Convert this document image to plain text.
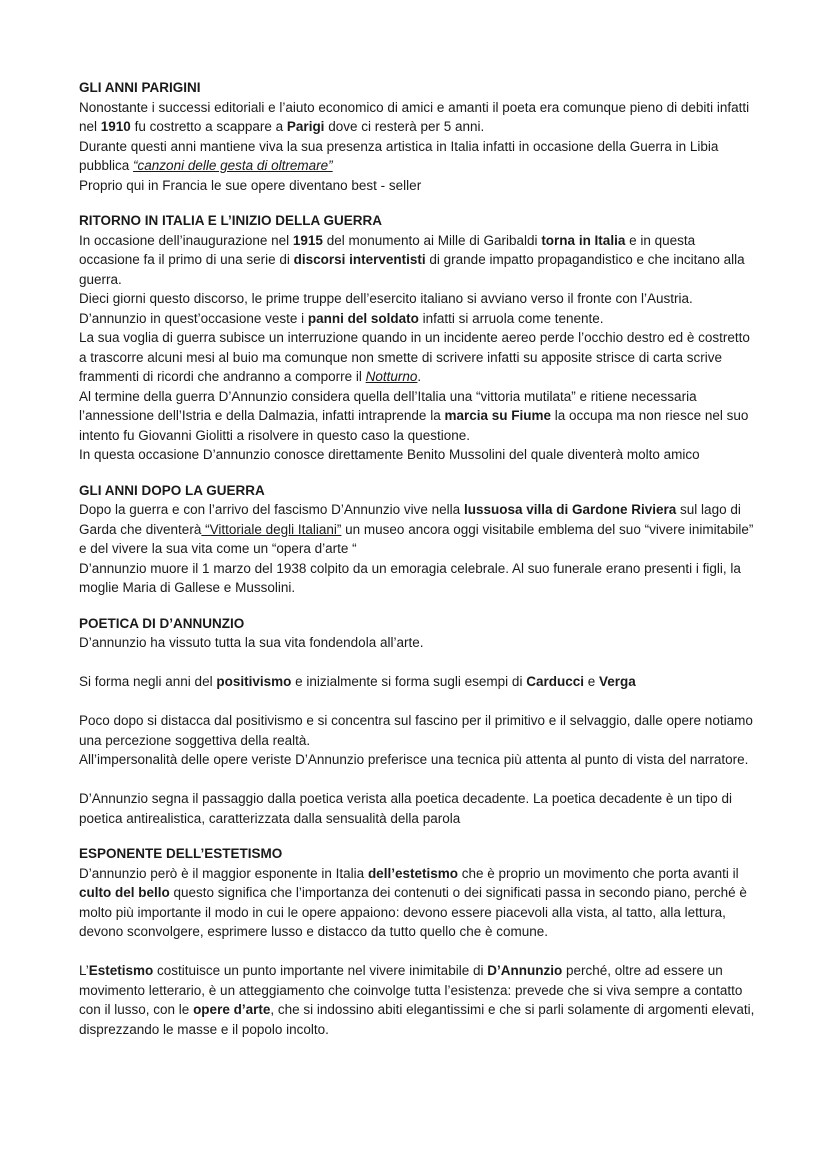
GLI ANNI PARIGINI

Nonostante i successi editoriali e l’aiuto economico di amici e amanti il poeta era comunque pieno di debiti infatti nel 1910 fu costretto a scappare a Parigi dove ci resterà per 5 anni.

Durante questi anni mantiene viva la sua presenza artistica in Italia infatti in occasione della Guerra in Libia pubblica “canzoni delle gesta di oltremare”

Proprio qui in Francia le sue opere diventano best - seller

RITORNO IN ITALIA E L’INIZIO DELLA GUERRA

In occasione dell’inaugurazione nel 1915 del monumento ai Mille di Garibaldi torna in Italia e in questa occasione fa il primo di una serie di discorsi interventisti di grande impatto propagandistico e che incitano alla guerra.

Dieci giorni questo discorso, le prime truppe dell’esercito italiano si avviano verso il fronte con l’Austria.

D’annunzio in quest’occasione veste i panni del soldato infatti si arruola come tenente.

La sua voglia di guerra subisce un interruzione quando in un incidente aereo perde l’occhio destro ed è costretto a trascorre alcuni mesi al buio ma comunque non smette di scrivere infatti su apposite strisce di carta scrive frammenti di ricordi che andranno a comporre il Notturno.

Al termine della guerra D’Annunzio considera quella dell’Italia una “vittoria mutilata” e ritiene necessaria l’annessione dell’Istria e della Dalmazia, infatti intraprende la marcia su Fiume la occupa ma non riesce nel suo intento fu Giovanni Giolitti a risolvere in questo caso la questione.

In questa occasione D’annunzio conosce direttamente Benito Mussolini del quale diventerà molto amico

GLI ANNI DOPO LA GUERRA

Dopo la guerra e con l’arrivo del fascismo D’Annunzio vive nella lussuosa villa di Gardone Riviera sul lago di Garda che diventerà “Vittoriale degli Italiani” un museo ancora oggi visitabile emblema del suo “vivere inimitabile” e del vivere la sua vita come un “opera d’arte “

D’annunzio muore il 1 marzo del 1938 colpito da un emoragia celebrale. Al suo funerale erano presenti i figli, la moglie Maria di Gallese e Mussolini.

POETICA DI D’ANNUNZIO

D’annunzio ha vissuto tutta la sua vita fondendola all’arte.

Si forma negli anni del positivismo e inizialmente si forma sugli esempi di Carducci e Verga

Poco dopo si distacca dal positivismo e si concentra sul fascino per il primitivo e il selvaggio, dalle opere notiamo una percezione soggettiva della realtà.

All’impersonalità delle opere veriste D’Annunzio preferisce una tecnica più attenta al punto di vista del narratore.

D’Annunzio segna il passaggio dalla poetica verista alla poetica decadente. La poetica decadente è un tipo di poetica antirealistica, caratterizzata dalla sensualità della parola

ESPONENTE DELL’ESTETISMO

D’annunzio però è il maggior esponente in Italia dell’estetismo che è proprio un movimento che porta avanti il culto del bello questo significa che l’importanza dei contenuti o dei significati passa in secondo piano, perché è molto più importante il modo in cui le opere appaiono: devono essere piacevoli alla vista, al tatto, alla lettura, devono sconvolgere, esprimere lusso e distacco da tutto quello che è comune.

L’Estetismo costituisce un punto importante nel vivere inimitabile di D’Annunzio perché, oltre ad essere un movimento letterario, è un atteggiamento che coinvolge tutta l’esistenza: prevede che si viva sempre a contatto con il lusso, con le opere d’arte, che si indossino abiti elegantissimi e che si parli solamente di argomenti elevati, disprezzando le masse e il popolo incolto.
